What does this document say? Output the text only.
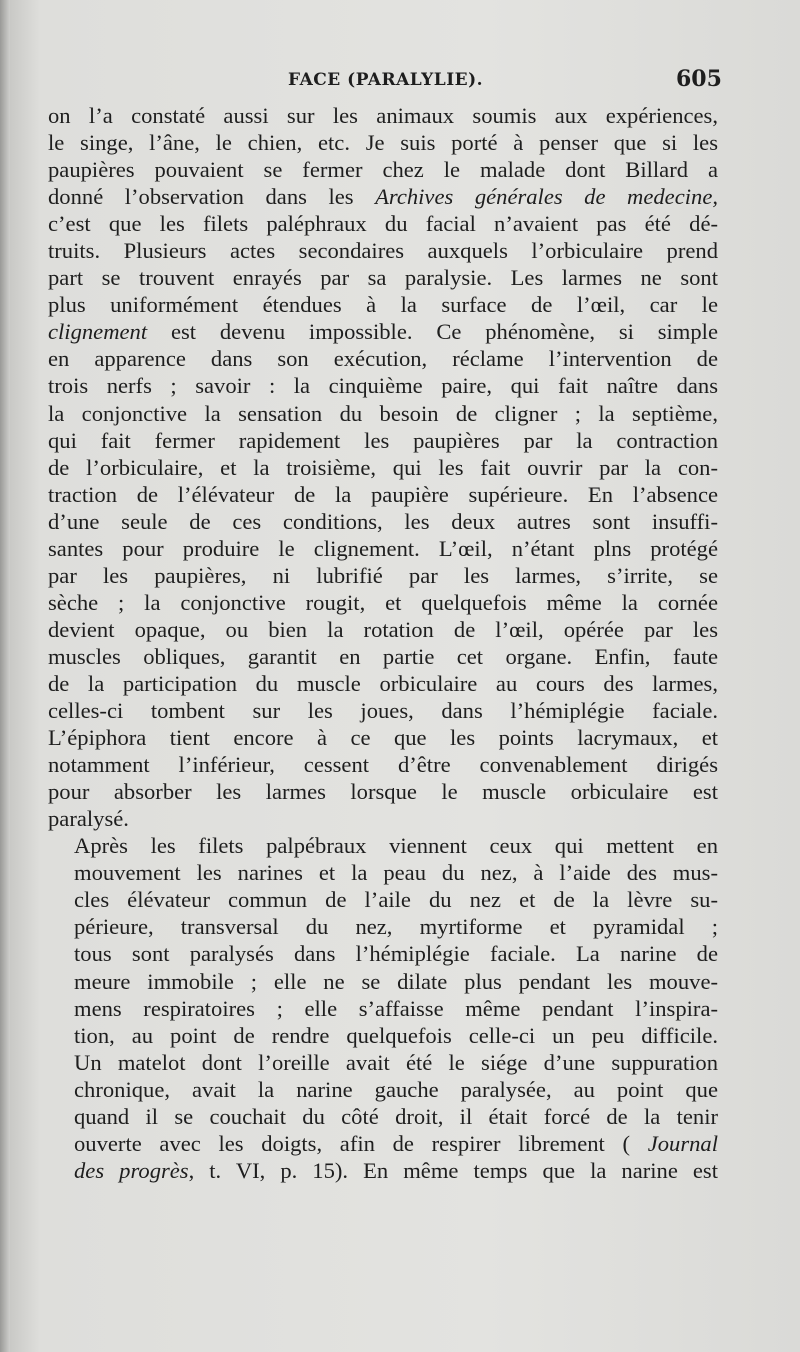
FACE (PARALYLIE).	605

on l’a constaté aussi sur les animaux soumis aux expériences,
le singe, l’âne, le chien, etc. Je suis porté à penser que si les
paupières pouvaient se fermer chez le malade dont Billard a
donné l’observation dans les Archives générales de medecine,
c’est que les filets paléphraux du facial n’avaient pas été dé-
truits. Plusieurs actes secondaires auxquels l’orbiculaire prend
part se trouvent enrayés par sa paralysie. Les larmes ne sont
plus uniformément étendues à la surface de l’œil, car le
clignement est devenu impossible. Ce phénomène, si simple
en apparence dans son exécution, réclame l’intervention de
trois nerfs ; savoir : la cinquième paire, qui fait naître dans
la conjonctive la sensation du besoin de cligner ; la septième,
qui fait fermer rapidement les paupières par la contraction
de l’orbiculaire, et la troisième, qui les fait ouvrir par la con-
traction de l’élévateur de la paupière supérieure. En l’absence
d’une seule de ces conditions, les deux autres sont insuffi-
santes pour produire le clignement. L’œil, n’étant plns protégé
par les paupières, ni lubrifié par les larmes, s’irrite, se
sèche ; la conjonctive rougit, et quelquefois même la cornée
devient opaque, ou bien la rotation de l’œil, opérée par les
muscles obliques, garantit en partie cet organe. Enfin, faute
de la participation du muscle orbiculaire au cours des larmes,
celles-ci tombent sur les joues, dans l’hémiplégie faciale.
L’épiphora tient encore à ce que les points lacrymaux, et
notamment l’inférieur, cessent d’être convenablement dirigés
pour absorber les larmes lorsque le muscle orbiculaire est
paralysé.

Après les filets palpébraux viennent ceux qui mettent en
mouvement les narines et la peau du nez, à l’aide des mus-
cles élévateur commun de l’aile du nez et de la lèvre su-
périeure, transversal du nez, myrtiforme et pyramidal ;
tous sont paralysés dans l’hémiplégie faciale. La narine de
meure immobile ; elle ne se dilate plus pendant les mouve-
mens respiratoires ; elle s’affaisse même pendant l’inspira-
tion, au point de rendre quelquefois celle-ci un peu difficile.
Un matelot dont l’oreille avait été le siége d’une suppuration
chronique, avait la narine gauche paralysée, au point que
quand il se couchait du côté droit, il était forcé de la tenir
ouverte avec les doigts, afin de respirer librement ( Journal
des progrès, t. VI, p. 15). En même temps que la narine est
